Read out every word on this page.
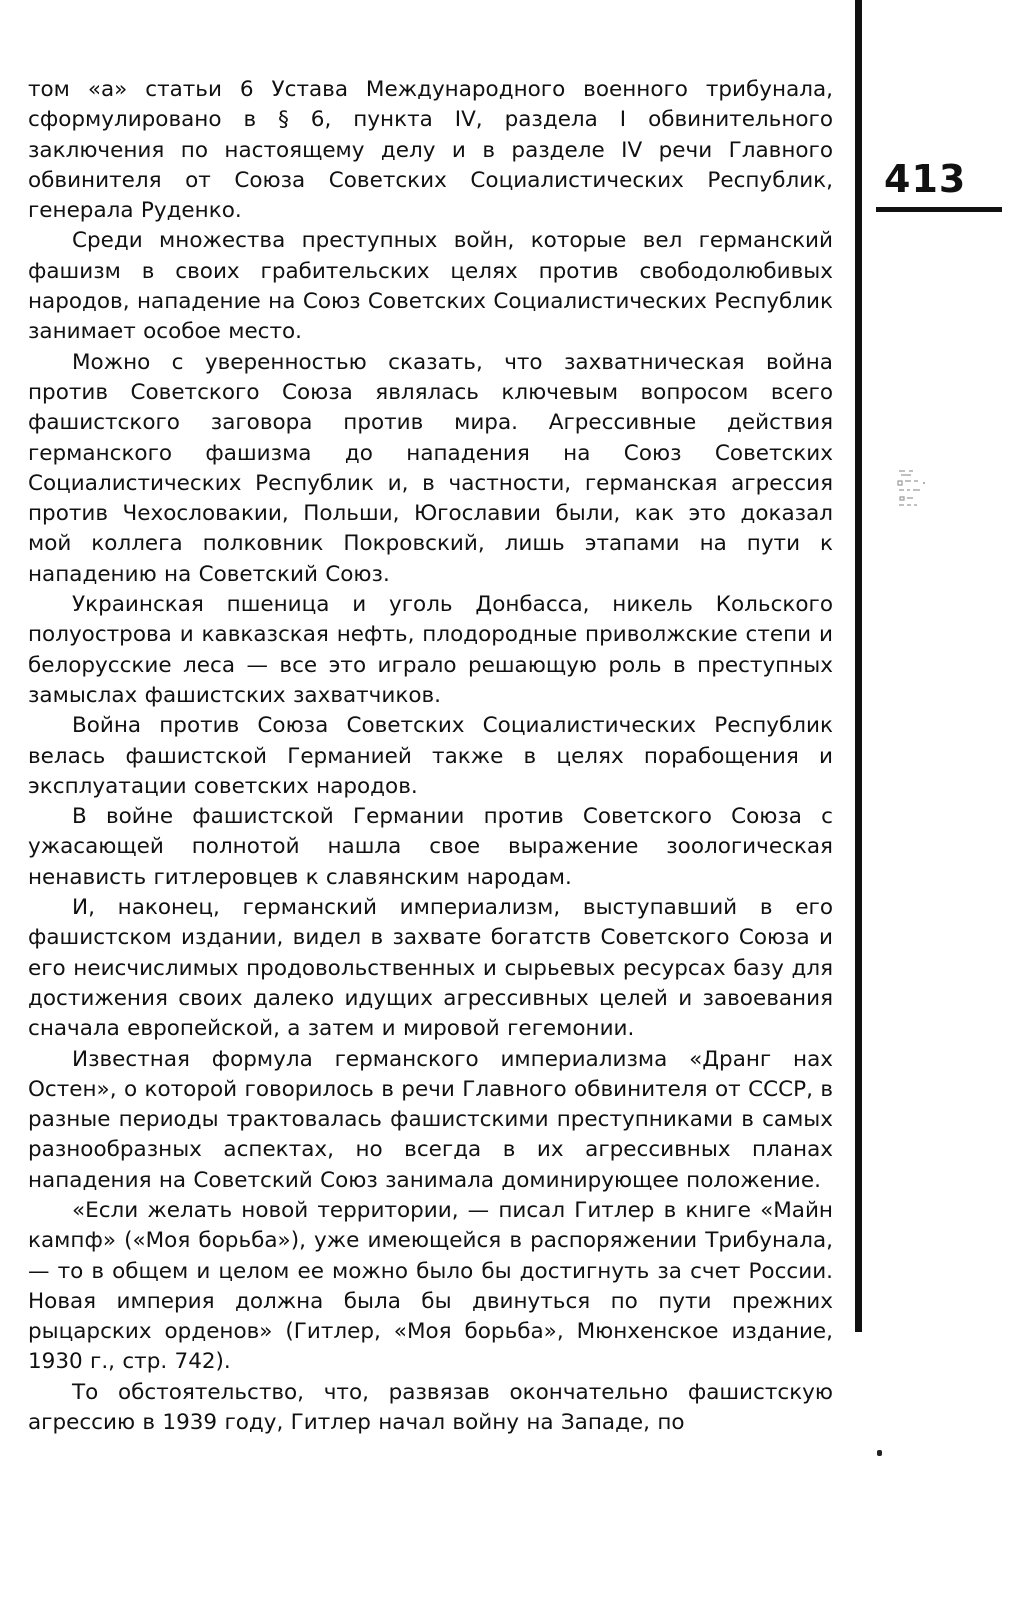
том «а» статьи 6 Устава Международного военного трибунала, сформулировано в § 6, пункта IV, раздела I обвинительного заключения по настоящему делу и в разделе IV речи Главного обвинителя от Союза Советских Социалистических Республик, генерала Руденко.

Среди множества преступных войн, которые вел германский фашизм в своих грабительских целях против свободолюбивых народов, нападение на Союз Советских Социалистических Республик занимает особое место.

Можно с уверенностью сказать, что захватническая война против Советского Союза являлась ключевым вопросом всего фашистского заговора против мира. Агрессивные действия германского фашизма до нападения на Союз Советских Социалистических Республик и, в частности, германская агрессия против Чехословакии, Польши, Югославии были, как это доказал мой коллега полковник Покровский, лишь этапами на пути к нападению на Советский Союз.

Украинская пшеница и уголь Донбасса, никель Кольского полуострова и кавказская нефть, плодородные приволжские степи и белорусские леса — все это играло решающую роль в преступных замыслах фашистских захватчиков.

Война против Союза Советских Социалистических Республик велась фашистской Германией также в целях порабощения и эксплуатации советских народов.

В войне фашистской Германии против Советского Союза с ужасающей полнотой нашла свое выражение зоологическая ненависть гитлеровцев к славянским народам.

И, наконец, германский империализм, выступавший в его фашистском издании, видел в захвате богатств Советского Союза и его неисчислимых продовольственных и сырьевых ресурсах базу для достижения своих далеко идущих агрессивных целей и завоевания сначала европейской, а затем и мировой гегемонии.

Известная формула германского империализма «Дранг нах Остен», о которой говорилось в речи Главного обвинителя от СССР, в разные периоды трактовалась фашистскими преступниками в самых разнообразных аспектах, но всегда в их агрессивных планах нападения на Советский Союз занимала доминирующее положение.

«Если желать новой территории, — писал Гитлер в книге «Майн кампф» («Моя борьба»), уже имеющейся в распоряжении Трибунала, — то в общем и целом ее можно было бы достигнуть за счет России. Новая империя должна была бы двинуться по пути прежних рыцарских орденов» (Гитлер, «Моя борьба», Мюнхенское издание, 1930 г., стр. 742).

То обстоятельство, что, развязав окончательно фашистскую агрессию в 1939 году, Гитлер начал войну на Западе, по

413
